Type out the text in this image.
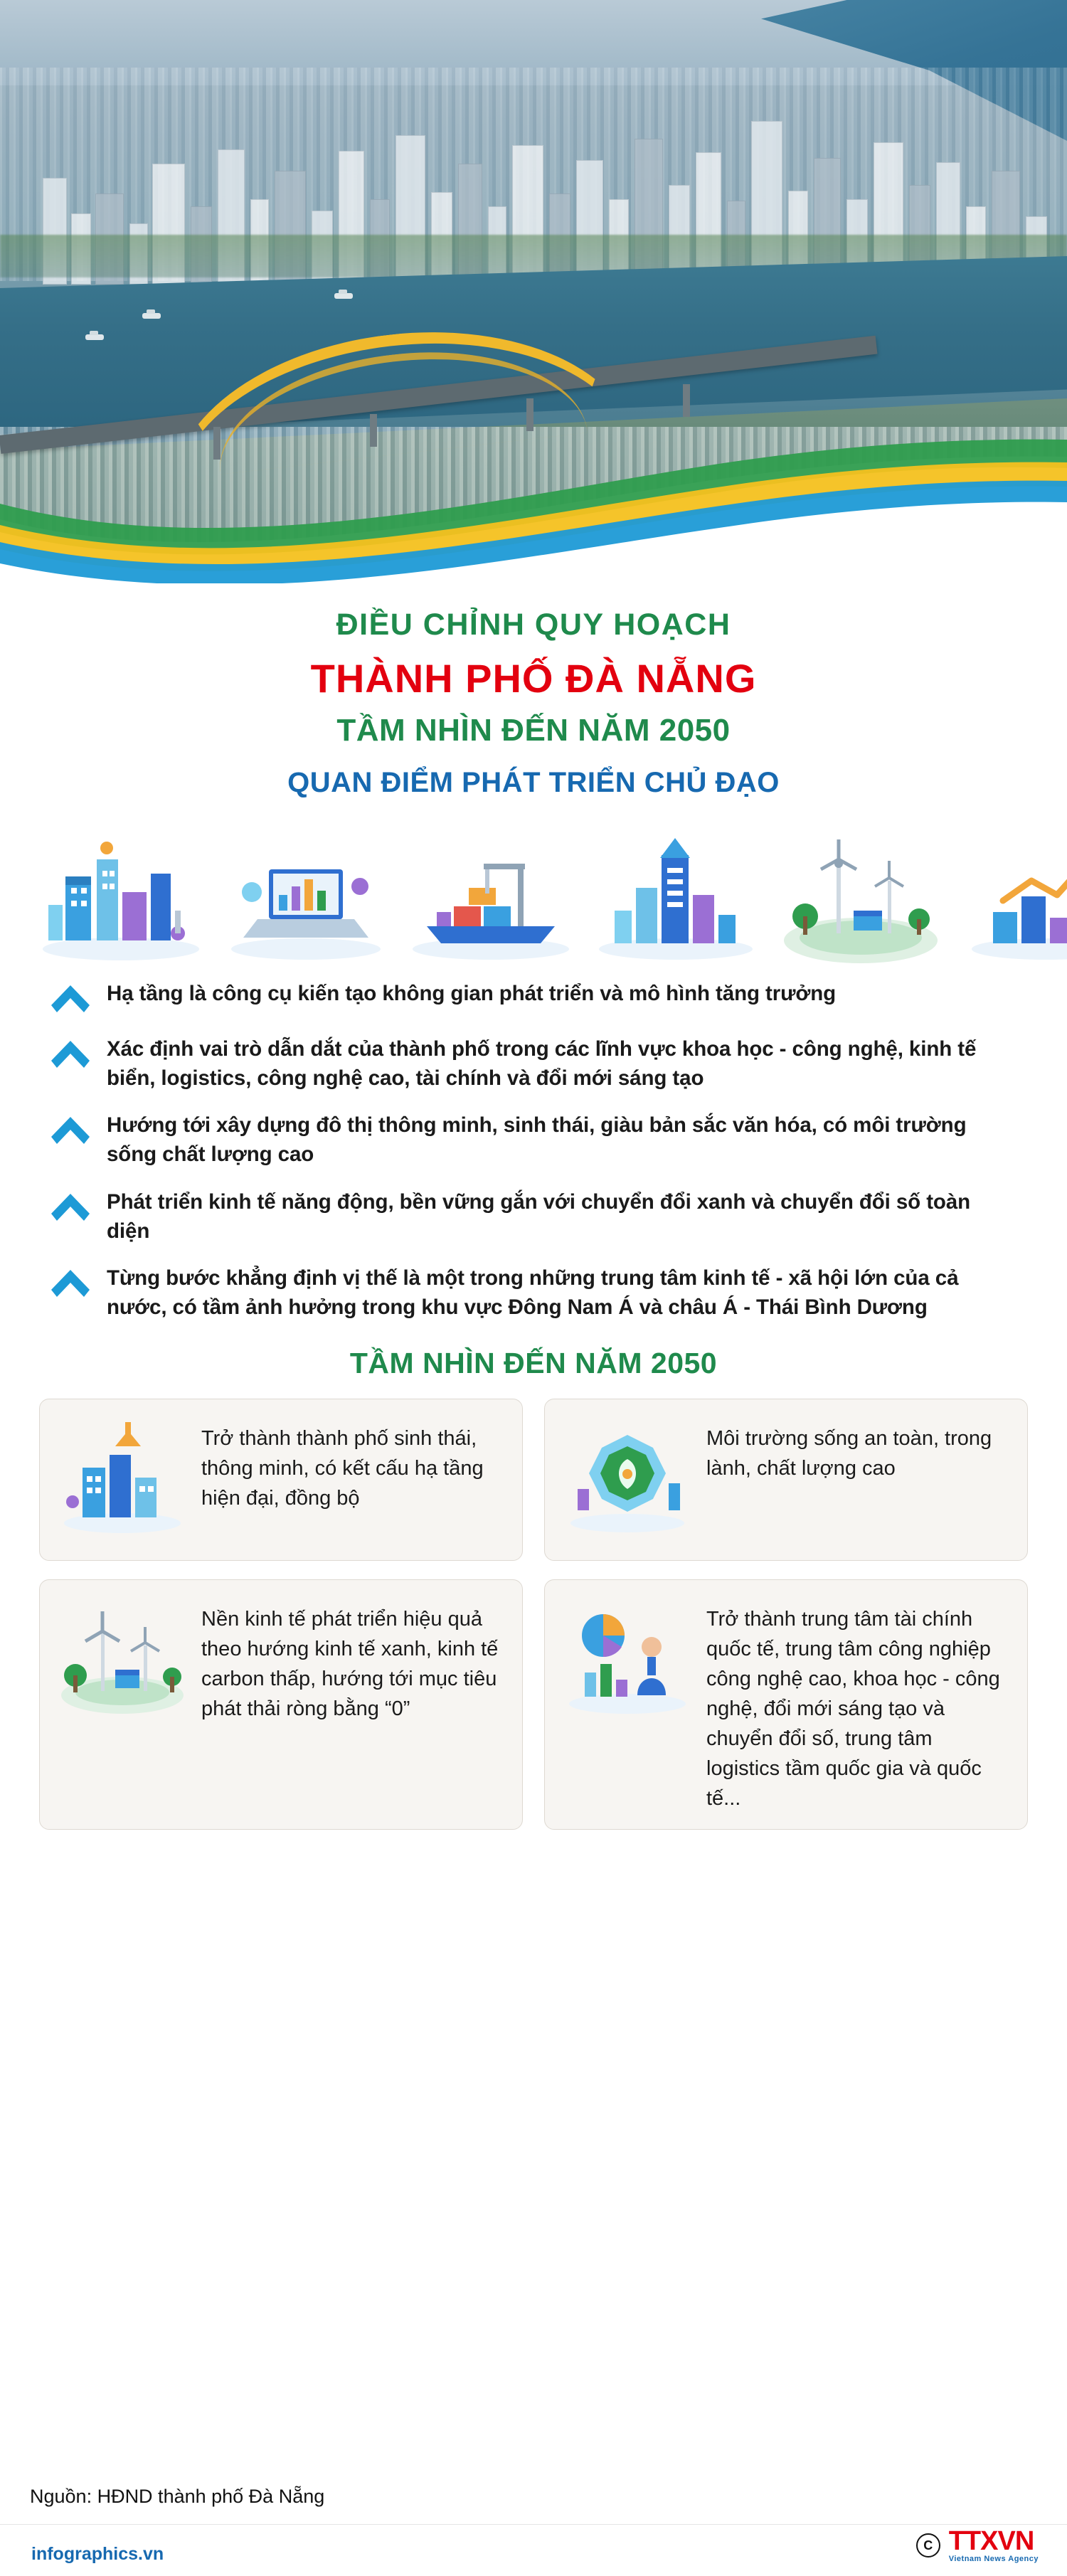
ĐIỀU CHỈNH QUY HOẠCH
THÀNH PHỐ ĐÀ NẴNG
TẦM NHÌN ĐẾN NĂM 2050
QUAN ĐIỂM PHÁT TRIỂN CHỦ ĐẠO
Hạ tầng là công cụ kiến tạo không gian phát triển và mô hình tăng trưởng
Xác định vai trò dẫn dắt của thành phố trong các lĩnh vực khoa học - công nghệ, kinh tế biển, logistics, công nghệ cao, tài chính và đổi mới sáng tạo
Hướng tới xây dựng đô thị thông minh, sinh thái, giàu bản sắc văn hóa, có môi trường sống chất lượng cao
Phát triển kinh tế năng động, bền vững gắn với chuyển đổi xanh và chuyển đổi số toàn diện
Từng bước khẳng định vị thế là một trong những trung tâm kinh tế - xã hội lớn của cả nước, có tầm ảnh hưởng trong khu vực Đông Nam Á và châu Á - Thái Bình Dương
TẦM NHÌN ĐẾN NĂM 2050
Trở thành thành phố sinh thái, thông minh, có kết cấu hạ tầng hiện đại, đồng bộ
Môi trường sống an toàn, trong lành, chất lượng cao
Nền kinh tế phát triển hiệu quả theo hướng kinh tế xanh, kinh tế carbon thấp, hướng tới mục tiêu phát thải ròng bằng “0”
Trở thành trung tâm tài chính quốc tế, trung tâm công nghiệp công nghệ cao, khoa học - công nghệ, đổi mới sáng tạo và chuyển đổi số, trung tâm logistics tầm quốc gia và quốc tế...
Nguồn: HĐND thành phố Đà Nẵng
infographics.vn	C TTXVN
Vietnam News Agency
